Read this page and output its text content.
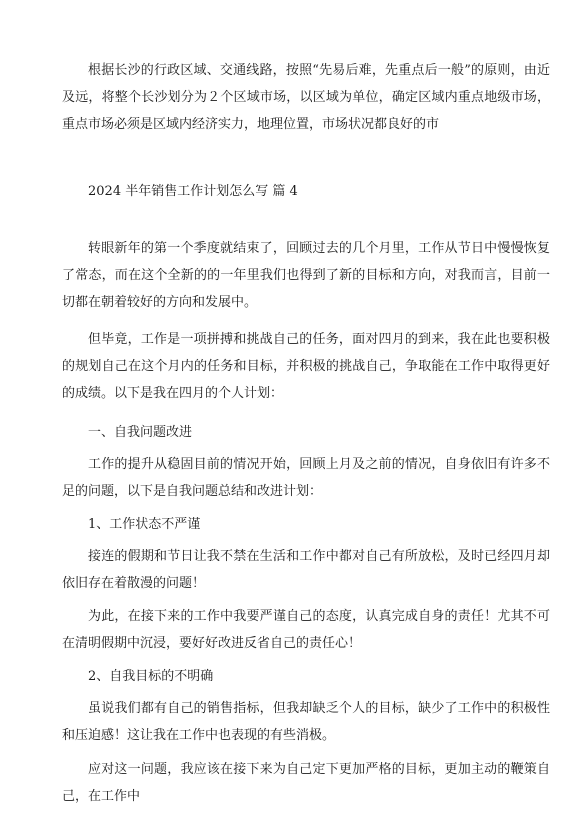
根据长沙的行政区域、交通线路，按照“先易后难，先重点后一般”的原则，由近及远，将整个长沙划分为２个区域市场，以区域为单位，确定区域内重点地级市场，重点市场必须是区域内经济实力，地理位置，市场状况都良好的市
2024 半年销售工作计划怎么写 篇 4
转眼新年的第一个季度就结束了，回顾过去的几个月里，工作从节日中慢慢恢复了常态，而在这个全新的的一年里我们也得到了新的目标和方向，对我而言，目前一切都在朝着较好的方向和发展中。
但毕竟，工作是一项拼搏和挑战自己的任务，面对四月的到来，我在此也要积极的规划自己在这个月内的任务和目标，并积极的挑战自己，争取能在工作中取得更好的成绩。以下是我在四月的个人计划：
一、自我问题改进
工作的提升从稳固目前的情况开始，回顾上月及之前的情况，自身依旧有许多不足的问题，以下是自我问题总结和改进计划：
1、工作状态不严谨
接连的假期和节日让我不禁在生活和工作中都对自己有所放松，及时已经四月却依旧存在着散漫的问题！
为此，在接下来的工作中我要严谨自己的态度，认真完成自身的责任！尤其不可在清明假期中沉浸，要好好改进反省自己的责任心！
2、自我目标的不明确
虽说我们都有自己的销售指标，但我却缺乏个人的目标，缺少了工作中的积极性和压迫感！这让我在工作中也表现的有些消极。
应对这一问题，我应该在接下来为自己定下更加严格的目标，更加主动的鞭策自己，在工作中
